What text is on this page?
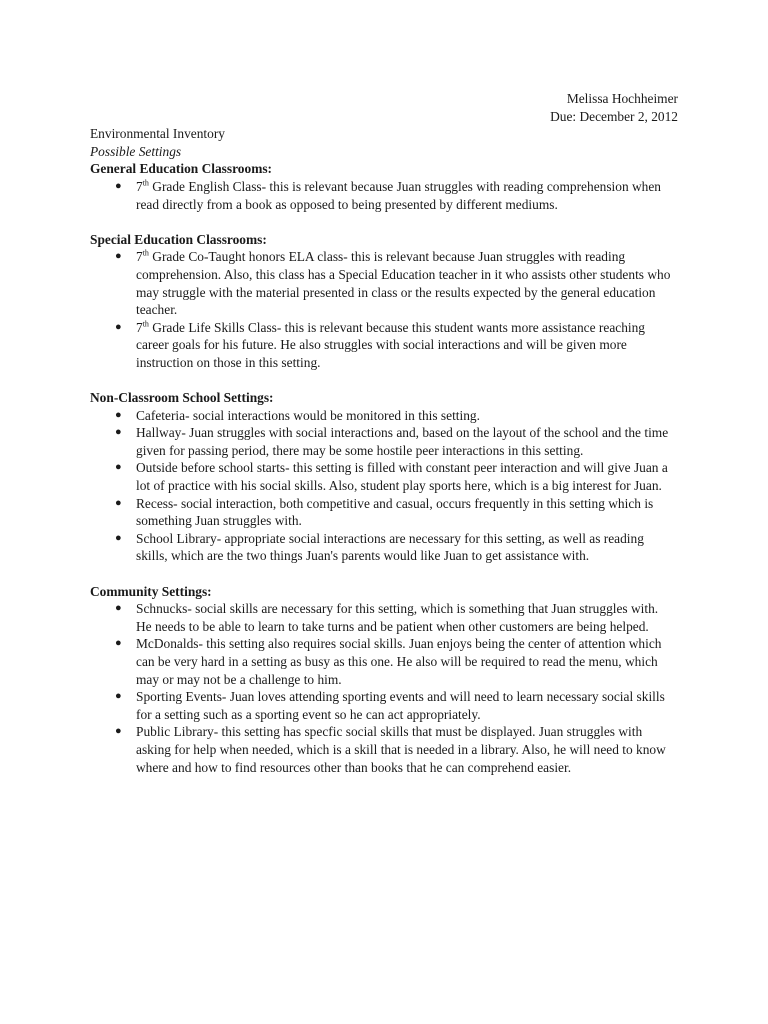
Melissa Hochheimer
Due: December 2, 2012
Environmental Inventory
Possible Settings
General Education Classrooms:
● 7th Grade English Class- this is relevant because Juan struggles with reading comprehension when read directly from a book as opposed to being presented by different mediums.
Special Education Classrooms:
● 7th Grade Co-Taught honors ELA class- this is relevant because Juan struggles with reading comprehension. Also, this class has a Special Education teacher in it who assists other students who may struggle with the material presented in class or the results expected by the general education teacher.
● 7th Grade Life Skills Class- this is relevant because this student wants more assistance reaching career goals for his future. He also struggles with social interactions and will be given more instruction on those in this setting.
Non-Classroom School Settings:
● Cafeteria- social interactions would be monitored in this setting.
● Hallway- Juan struggles with social interactions and, based on the layout of the school and the time given for passing period, there may be some hostile peer interactions in this setting.
● Outside before school starts- this setting is filled with constant peer interaction and will give Juan a lot of practice with his social skills. Also, student play sports here, which is a big interest for Juan.
● Recess- social interaction, both competitive and casual, occurs frequently in this setting which is something Juan struggles with.
● School Library- appropriate social interactions are necessary for this setting, as well as reading skills, which are the two things Juan's parents would like Juan to get assistance with.
Community Settings:
● Schnucks- social skills are necessary for this setting, which is something that Juan struggles with. He needs to be able to learn to take turns and be patient when other customers are being helped.
● McDonalds- this setting also requires social skills. Juan enjoys being the center of attention which can be very hard in a setting as busy as this one. He also will be required to read the menu, which may or may not be a challenge to him.
● Sporting Events- Juan loves attending sporting events and will need to learn necessary social skills for a setting such as a sporting event so he can act appropriately.
● Public Library- this setting has specfic social skills that must be displayed. Juan struggles with asking for help when needed, which is a skill that is needed in a library. Also, he will need to know where and how to find resources other than books that he can comprehend easier.
